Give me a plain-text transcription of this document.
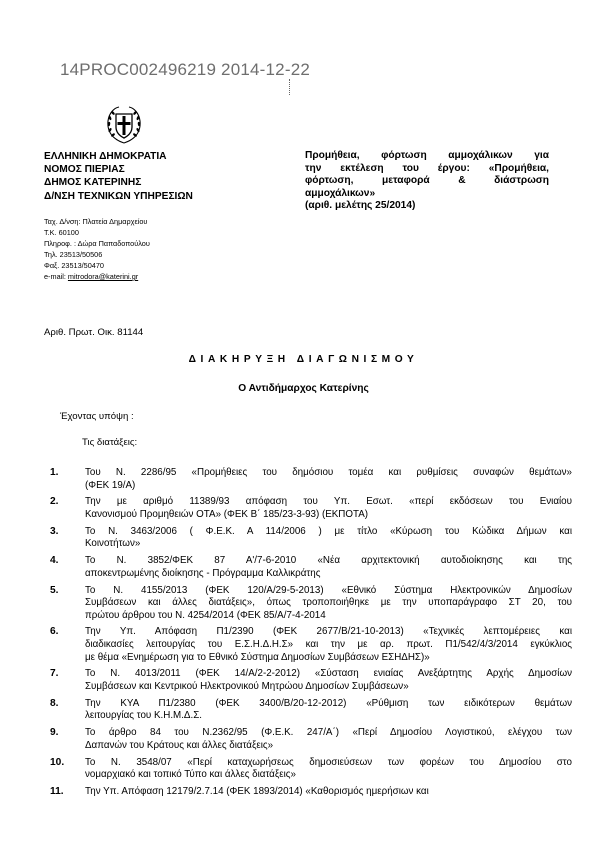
14PROC002496219 2014-12-22
ΕΛΛΗΝΙΚΗ ΔΗΜΟΚΡΑΤΙΑ
ΝΟΜΟΣ ΠΙΕΡΙΑΣ
ΔΗΜΟΣ ΚΑΤΕΡΙΝΗΣ
Δ/ΝΣΗ ΤΕΧΝΙΚΩΝ ΥΠΗΡΕΣΙΩΝ
Προμήθεια, φόρτωση αμμοχάλικων για
την εκτέλεση του έργου: «Προμήθεια,
φόρτωση, μεταφορά & διάστρωση
αμμοχάλικων»
(αριθ. μελέτης 25/2014)
Ταχ. Δ/νση: Πλατεία Δημαρχείου
Τ.Κ. 60100
Πληροφ. : Δώρα Παπαδοπούλου
Τηλ. 23513/50506
Φαξ. 23513/50470
e-mail: mitrodora@katerini.gr
Αριθ. Πρωτ. Οικ. 81144
ΔΙΑΚΗΡΥΞΗ ΔΙΑΓΩΝΙΣΜΟΥ
Ο Αντιδήμαρχος Κατερίνης
Έχοντας υπόψη :
Τις διατάξεις:
1.	Του Ν. 2286/95 «Προμήθειες του δημόσιου τομέα και ρυθμίσεις συναφών θεμάτων»
(ΦΕΚ 19/Α)
2.	Την με αριθμό 11389/93 απόφαση του Υπ. Εσωτ. «περί εκδόσεων του Ενιαίου
Κανονισμού Προμηθειών ΟΤΑ» (ΦΕΚ Β΄ 185/23-3-93) (ΕΚΠΟΤΑ)
3.	Το Ν. 3463/2006 ( Φ.Ε.Κ. Α 114/2006 ) με τίτλο «Κύρωση του Κώδικα Δήμων και
Κοινοτήτων»
4.	Το Ν. 3852/ΦΕΚ 87 Α'/7-6-2010 «Νέα αρχιτεκτονική αυτοδιοίκησης και της
αποκεντρωμένης διοίκησης - Πρόγραμμα Καλλικράτης
5.	Το Ν. 4155/2013 (ΦΕΚ 120/Α/29-5-2013) «Εθνικό Σύστημα Ηλεκτρονικών Δημοσίων
Συμβάσεων και άλλες διατάξεις», όπως τροποποιήθηκε με την υποπαράγραφο ΣΤ 20, του
πρώτου άρθρου του Ν. 4254/2014 (ΦΕΚ 85/Α/7-4-2014
6.	Την Υπ. Απόφαση Π1/2390 (ΦΕΚ 2677/Β/21-10-2013) «Τεχνικές λεπτομέρειες και
διαδικασίες λειτουργίας του Ε.Σ.Η.Δ.Η.Σ» και την με αρ. πρωτ. Π1/542/4/3/2014 εγκύκλιος
με θέμα «Ενημέρωση για το Εθνικό Σύστημα Δημοσίων Συμβάσεων ΕΣΗΔΗΣ)»
7.	Το Ν. 4013/2011 (ΦΕΚ 14/Α/2-2-2012) «Σύσταση ενιαίας Ανεξάρτητης Αρχής Δημοσίων
Συμβάσεων και Κεντρικού Ηλεκτρονικού Μητρώου Δημοσίων Συμβάσεων»
8.	Την ΚΥΑ Π1/2380 (ΦΕΚ 3400/Β/20-12-2012) «Ρύθμιση των ειδικότερων θεμάτων
λειτουργίας του Κ.Η.Μ.Δ.Σ.
9.	Το άρθρο 84 του Ν.2362/95 (Φ.Ε.Κ. 247/Α΄) «Περί Δημοσίου Λογιστικού, ελέγχου των
Δαπανών του Κράτους και άλλες διατάξεις»
10. Το Ν. 3548/07 «Περί καταχωρήσεως δημοσιεύσεων των φορέων του Δημοσίου στο
νομαρχιακό και τοπικό Τύπο και άλλες διατάξεις»
11. Την Υπ. Απόφαση 12179/2.7.14 (ΦΕΚ 1893/2014) «Καθορισμός ημερήσιων και
